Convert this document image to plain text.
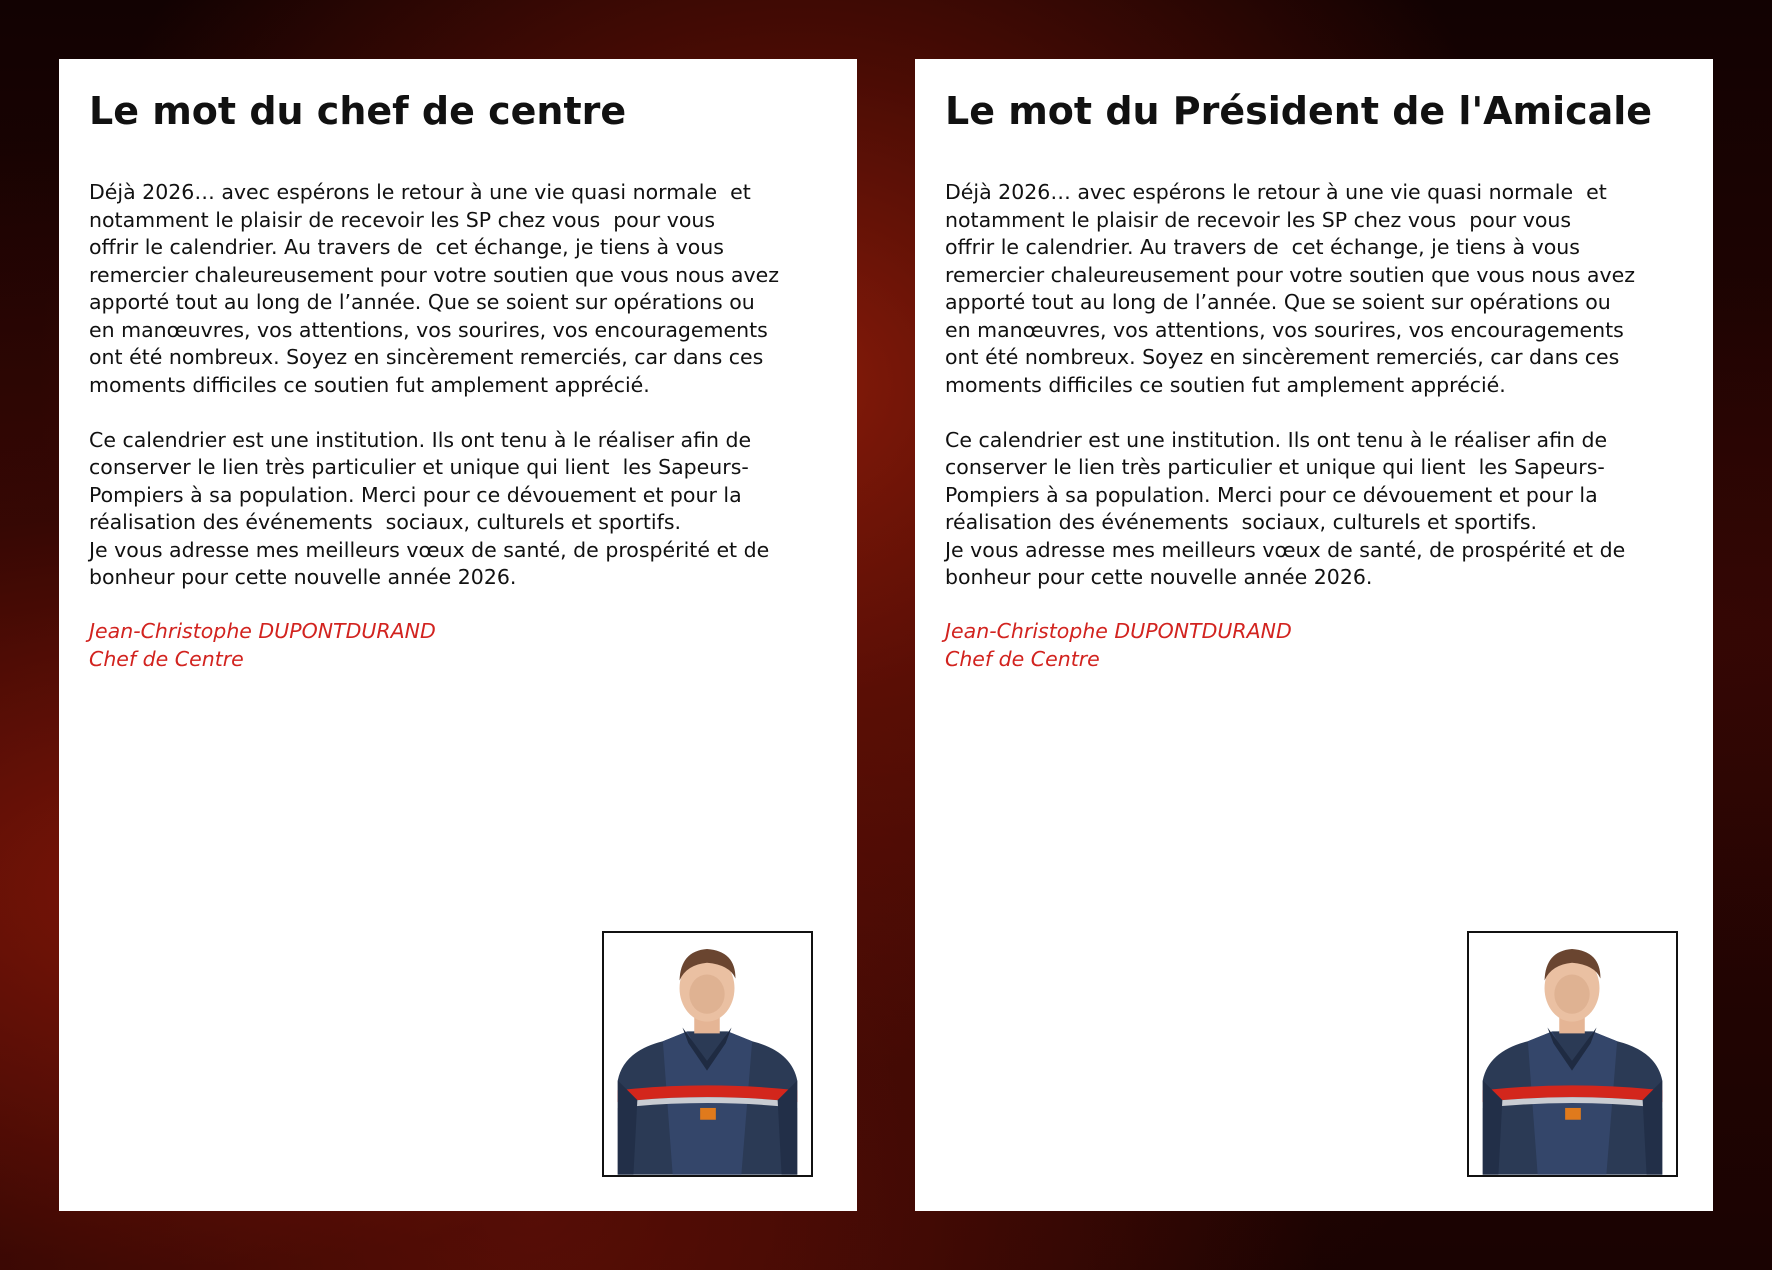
Le mot du chef de centre
Déjà 2026… avec espérons le retour à une vie quasi normale  et
notamment le plaisir de recevoir les SP chez vous  pour vous
offrir le calendrier. Au travers de  cet échange, je tiens à vous
remercier chaleureusement pour votre soutien que vous nous avez
apporté tout au long de l’année. Que se soient sur opérations ou
en manœuvres, vos attentions, vos sourires, vos encouragements
ont été nombreux. Soyez en sincèrement remerciés, car dans ces
moments difficiles ce soutien fut amplement apprécié.
Ce calendrier est une institution. Ils ont tenu à le réaliser afin de
conserver le lien très particulier et unique qui lient  les Sapeurs-
Pompiers à sa population. Merci pour ce dévouement et pour la
réalisation des événements  sociaux, culturels et sportifs.
Je vous adresse mes meilleurs vœux de santé, de prospérité et de
bonheur pour cette nouvelle année 2026.
Jean-Christophe DUPONTDURAND
Chef de Centre
Le mot du Président de l'Amicale
Déjà 2026… avec espérons le retour à une vie quasi normale  et
notamment le plaisir de recevoir les SP chez vous  pour vous
offrir le calendrier. Au travers de  cet échange, je tiens à vous
remercier chaleureusement pour votre soutien que vous nous avez
apporté tout au long de l’année. Que se soient sur opérations ou
en manœuvres, vos attentions, vos sourires, vos encouragements
ont été nombreux. Soyez en sincèrement remerciés, car dans ces
moments difficiles ce soutien fut amplement apprécié.
Ce calendrier est une institution. Ils ont tenu à le réaliser afin de
conserver le lien très particulier et unique qui lient  les Sapeurs-
Pompiers à sa population. Merci pour ce dévouement et pour la
réalisation des événements  sociaux, culturels et sportifs.
Je vous adresse mes meilleurs vœux de santé, de prospérité et de
bonheur pour cette nouvelle année 2026.
Jean-Christophe DUPONTDURAND
Chef de Centre
